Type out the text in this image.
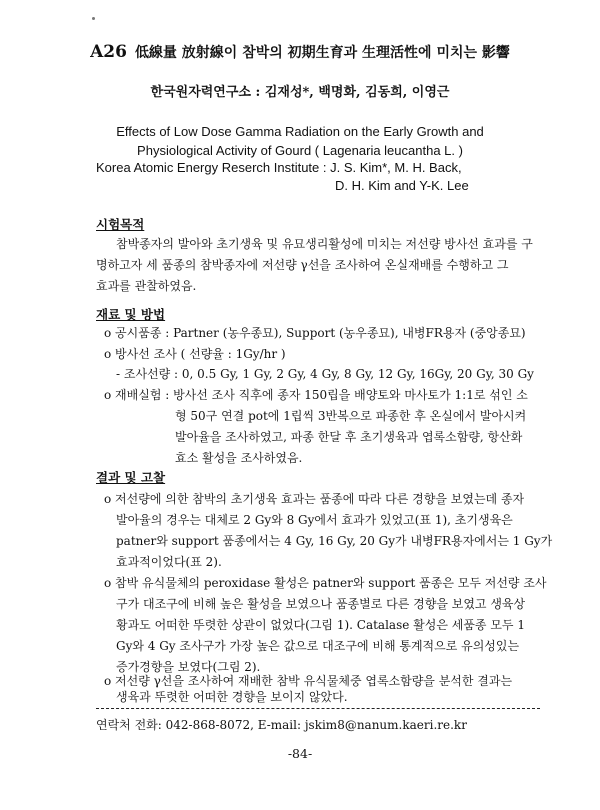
A26 低線量 放射線이 참박의 初期生育과 生理活性에 미치는 影響
한국원자력연구소 : 김재성*, 백명화, 김동희, 이영근
Effects of Low Dose Gamma Radiation on the Early Growth and
Physiological Activity of Gourd ( Lagenaria leucantha L. )
Korea Atomic Energy Reserch Institute : J. S. Kim*, M. H. Back,
D. H. Kim and Y-K. Lee
시험목적
참박종자의 발아와 초기생육 및 유묘생리활성에 미치는 저선량 방사선 효과를 구
명하고자 세 품종의 참박종자에 저선량 γ선을 조사하여 온실재배를 수행하고 그
효과를 관찰하였음.
재료 및 방법
o 공시품종 : Partner (농우종묘), Support (농우종묘), 내병FR용자 (중앙종묘)
o 방사선 조사 ( 선량율 : 1Gy/hr )
- 조사선량 : 0, 0.5 Gy, 1 Gy, 2 Gy, 4 Gy, 8 Gy, 12 Gy, 16Gy, 20 Gy, 30 Gy
o 재배실험 : 방사선 조사 직후에 종자 150립을 배양토와 마사토가 1:1로 섞인 소
형 50구 연결 pot에 1립씩 3반복으로 파종한 후 온실에서 발아시켜
발아율을 조사하였고, 파종 한달 후 초기생육과 엽록소함량, 항산화
효소 활성을 조사하였음.
결과 및 고찰
o 저선량에 의한 참박의 초기생육 효과는 품종에 따라 다른 경향을 보였는데 종자
발아율의 경우는 대체로 2 Gy와 8 Gy에서 효과가 있었고(표 1), 초기생육은
patner와 support 품종에서는 4 Gy, 16 Gy, 20 Gy가 내병FR용자에서는 1 Gy가
효과적이었다(표 2).
o 참박 유식물체의 peroxidase 활성은 patner와 support 품종은 모두 저선량 조사
구가 대조구에 비해 높은 활성을 보였으나 품종별로 다른 경향을 보였고 생육상
황과도 어떠한 뚜렷한 상관이 없었다(그림 1). Catalase 활성은 세품종 모두 1
Gy와 4 Gy 조사구가 가장 높은 값으로 대조구에 비해 통계적으로 유의성있는
증가경향을 보였다(그림 2).
o 저선량 γ선을 조사하여 재배한 참박 유식물체중 엽록소함량을 분석한 결과는
생육과 뚜렷한 어떠한 경향을 보이지 않았다.
연락처 전화: 042-868-8072, E-mail: jskim8@nanum.kaeri.re.kr
-84-
